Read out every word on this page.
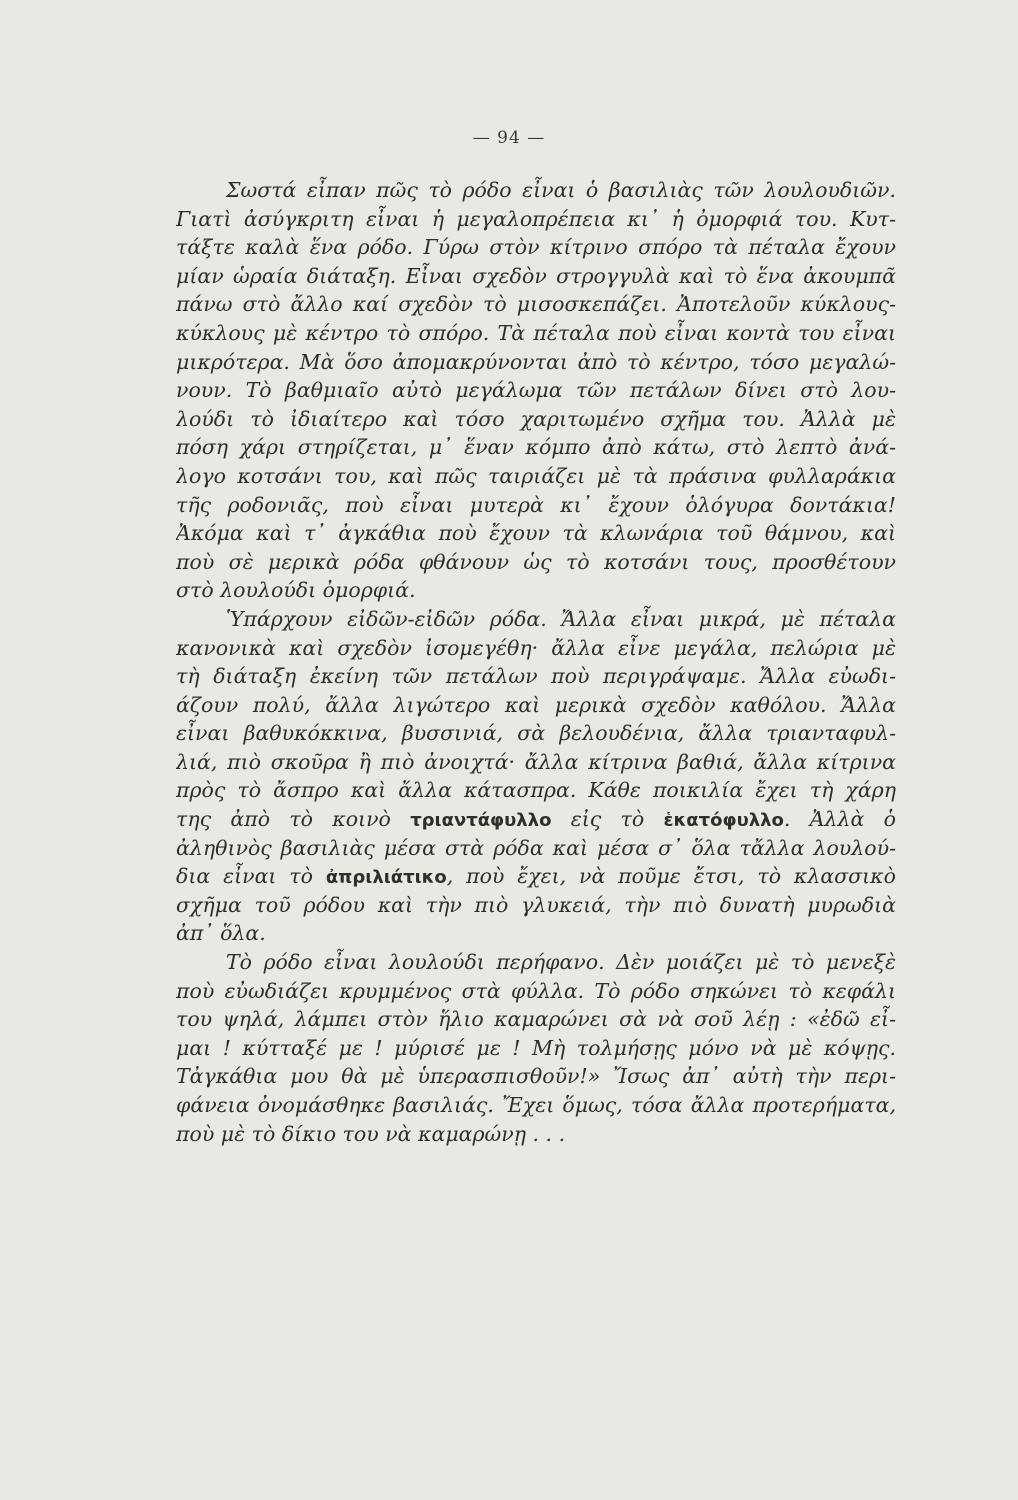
— 94 —
Σωστά εἶπαν πῶς τὸ ρόδο εἶναι ὁ βασιλιὰς τῶν λουλουδιῶν.
Γιατὶ ἀσύγκριτη εἶναι ἡ μεγαλοπρέπεια κι᾽ ἡ ὀμορφιά του. Κυτ-
τάξτε καλὰ ἕνα ρόδο. Γύρω στὸν κίτρινο σπόρο τὰ πέταλα ἔχουν
μίαν ὡραία διάταξη. Εἶναι σχεδὸν στρογγυλὰ καὶ τὸ ἕνα ἀκουμπᾶ
πάνω στὸ ἄλλο καί σχεδὸν τὸ μισοσκεπάζει. Ἀποτελοῦν κύκλους-
κύκλους μὲ κέντρο τὸ σπόρο. Τὰ πέταλα ποὺ εἶναι κοντὰ του εἶναι
μικρότερα. Μὰ ὅσο ἀπομακρύνονται ἀπὸ τὸ κέντρο, τόσο μεγαλώ-
νουν. Τὸ βαθμιαῖο αὐτὸ μεγάλωμα τῶν πετάλων δίνει στὸ λου-
λούδι τὸ ἰδιαίτερο καὶ τόσο χαριτωμένο σχῆμα του. Ἀλλὰ μὲ
πόση χάρι στηρίζεται, μ᾽ ἕναν κόμπο ἀπὸ κάτω, στὸ λεπτὸ ἀνά-
λογο κοτσάνι του, καὶ πῶς ταιριάζει μὲ τὰ πράσινα φυλλαράκια
τῆς ροδονιᾶς, ποὺ εἶναι μυτερὰ κι᾽ ἔχουν ὁλόγυρα δοντάκια!
Ἀκόμα καὶ τ᾽ ἀγκάθια ποὺ ἔχουν τὰ κλωνάρια τοῦ θάμνου, καὶ
ποὺ σὲ μερικὰ ρόδα φθάνουν ὡς τὸ κοτσάνι τους, προσθέτουν
στὸ λουλούδι ὀμορφιά.
Ὑπάρχουν εἰδῶν-εἰδῶν ρόδα. Ἄλλα εἶναι μικρά, μὲ πέταλα
κανονικὰ καὶ σχεδὸν ἰσομεγέθη· ἄλλα εἶνε μεγάλα, πελώρια μὲ
τὴ διάταξη ἐκείνη τῶν πετάλων ποὺ περιγράψαμε. Ἄλλα εὐωδι-
άζουν πολύ, ἄλλα λιγώτερο καὶ μερικὰ σχεδὸν καθόλου. Ἄλλα
εἶναι βαθυκόκκινα, βυσσινιά, σὰ βελουδένια, ἄλλα τριανταφυλ-
λιά, πιὸ σκοῦρα ἢ πιὸ ἀνοιχτά· ἄλλα κίτρινα βαθιά, ἄλλα κίτρινα
πρὸς τὸ ἄσπρο καὶ ἄλλα κάτασπρα. Κάθε ποικιλία ἔχει τὴ χάρη
της ἀπὸ τὸ κοινὸ τριαντάφυλλο εἰς τὸ ἑκατόφυλλο. Ἀλλὰ ὁ
ἀληθινὸς βασιλιὰς μέσα στὰ ρόδα καὶ μέσα σ᾽ ὅλα τἄλλα λουλού-
δια εἶναι τὸ ἀπριλιάτικο, ποὺ ἔχει, νὰ ποῦμε ἔτσι, τὸ κλασσικὸ
σχῆμα τοῦ ρόδου καὶ τὴν πιὸ γλυκειά, τὴν πιὸ δυνατὴ μυρωδιὰ
ἀπ᾽ ὅλα.
Τὸ ρόδο εἶναι λουλούδι περήφανο. Δὲν μοιάζει μὲ τὸ μενεξὲ
ποὺ εὐωδιάζει κρυμμένος στὰ φύλλα. Τὸ ρόδο σηκώνει τὸ κεφάλι
του ψηλά, λάμπει στὸν ἥλιο καμαρώνει σὰ νὰ σοῦ λέῃ : «ἐδῶ εἶ-
μαι ! κύτταξέ με ! μύρισέ με ! Μὴ τολμήσῃς μόνο νὰ μὲ κόψῃς.
Τἀγκάθια μου θὰ μὲ ὑπερασπισθοῦν!» Ἴσως ἀπ᾽ αὐτὴ τὴν περι-
φάνεια ὀνομάσθηκε βασιλιάς. Ἔχει ὅμως, τόσα ἄλλα προτερήματα,
ποὺ μὲ τὸ δίκιο του νὰ καμαρώνῃ . . .
